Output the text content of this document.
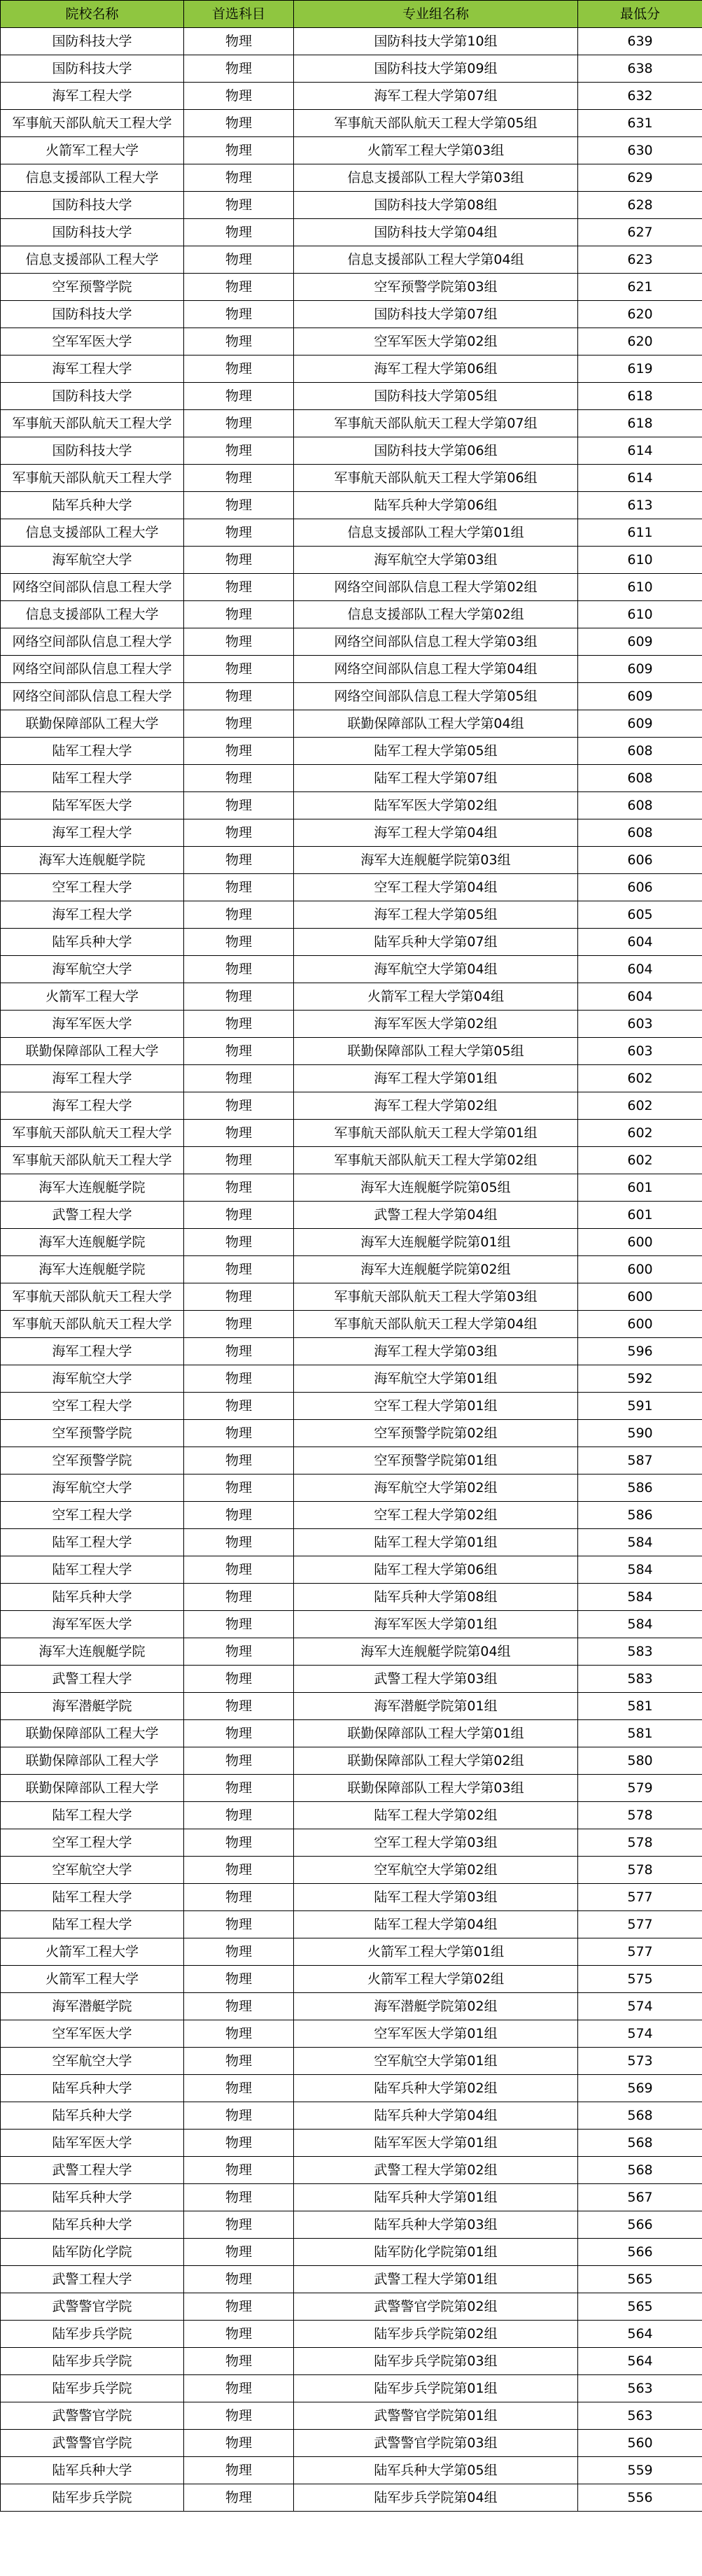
院校名称	首选科目	专业组名称	最低分
国防科技大学	物理	国防科技大学第10组	639
国防科技大学	物理	国防科技大学第09组	638
海军工程大学	物理	海军工程大学第07组	632
军事航天部队航天工程大学	物理	军事航天部队航天工程大学第05组	631
火箭军工程大学	物理	火箭军工程大学第03组	630
信息支援部队工程大学	物理	信息支援部队工程大学第03组	629
国防科技大学	物理	国防科技大学第08组	628
国防科技大学	物理	国防科技大学第04组	627
信息支援部队工程大学	物理	信息支援部队工程大学第04组	623
空军预警学院	物理	空军预警学院第03组	621
国防科技大学	物理	国防科技大学第07组	620
空军军医大学	物理	空军军医大学第02组	620
海军工程大学	物理	海军工程大学第06组	619
国防科技大学	物理	国防科技大学第05组	618
军事航天部队航天工程大学	物理	军事航天部队航天工程大学第07组	618
国防科技大学	物理	国防科技大学第06组	614
军事航天部队航天工程大学	物理	军事航天部队航天工程大学第06组	614
陆军兵种大学	物理	陆军兵种大学第06组	613
信息支援部队工程大学	物理	信息支援部队工程大学第01组	611
海军航空大学	物理	海军航空大学第03组	610
网络空间部队信息工程大学	物理	网络空间部队信息工程大学第02组	610
信息支援部队工程大学	物理	信息支援部队工程大学第02组	610
网络空间部队信息工程大学	物理	网络空间部队信息工程大学第03组	609
网络空间部队信息工程大学	物理	网络空间部队信息工程大学第04组	609
网络空间部队信息工程大学	物理	网络空间部队信息工程大学第05组	609
联勤保障部队工程大学	物理	联勤保障部队工程大学第04组	609
陆军工程大学	物理	陆军工程大学第05组	608
陆军工程大学	物理	陆军工程大学第07组	608
陆军军医大学	物理	陆军军医大学第02组	608
海军工程大学	物理	海军工程大学第04组	608
海军大连舰艇学院	物理	海军大连舰艇学院第03组	606
空军工程大学	物理	空军工程大学第04组	606
海军工程大学	物理	海军工程大学第05组	605
陆军兵种大学	物理	陆军兵种大学第07组	604
海军航空大学	物理	海军航空大学第04组	604
火箭军工程大学	物理	火箭军工程大学第04组	604
海军军医大学	物理	海军军医大学第02组	603
联勤保障部队工程大学	物理	联勤保障部队工程大学第05组	603
海军工程大学	物理	海军工程大学第01组	602
海军工程大学	物理	海军工程大学第02组	602
军事航天部队航天工程大学	物理	军事航天部队航天工程大学第01组	602
军事航天部队航天工程大学	物理	军事航天部队航天工程大学第02组	602
海军大连舰艇学院	物理	海军大连舰艇学院第05组	601
武警工程大学	物理	武警工程大学第04组	601
海军大连舰艇学院	物理	海军大连舰艇学院第01组	600
海军大连舰艇学院	物理	海军大连舰艇学院第02组	600
军事航天部队航天工程大学	物理	军事航天部队航天工程大学第03组	600
军事航天部队航天工程大学	物理	军事航天部队航天工程大学第04组	600
海军工程大学	物理	海军工程大学第03组	596
海军航空大学	物理	海军航空大学第01组	592
空军工程大学	物理	空军工程大学第01组	591
空军预警学院	物理	空军预警学院第02组	590
空军预警学院	物理	空军预警学院第01组	587
海军航空大学	物理	海军航空大学第02组	586
空军工程大学	物理	空军工程大学第02组	586
陆军工程大学	物理	陆军工程大学第01组	584
陆军工程大学	物理	陆军工程大学第06组	584
陆军兵种大学	物理	陆军兵种大学第08组	584
海军军医大学	物理	海军军医大学第01组	584
海军大连舰艇学院	物理	海军大连舰艇学院第04组	583
武警工程大学	物理	武警工程大学第03组	583
海军潜艇学院	物理	海军潜艇学院第01组	581
联勤保障部队工程大学	物理	联勤保障部队工程大学第01组	581
联勤保障部队工程大学	物理	联勤保障部队工程大学第02组	580
联勤保障部队工程大学	物理	联勤保障部队工程大学第03组	579
陆军工程大学	物理	陆军工程大学第02组	578
空军工程大学	物理	空军工程大学第03组	578
空军航空大学	物理	空军航空大学第02组	578
陆军工程大学	物理	陆军工程大学第03组	577
陆军工程大学	物理	陆军工程大学第04组	577
火箭军工程大学	物理	火箭军工程大学第01组	577
火箭军工程大学	物理	火箭军工程大学第02组	575
海军潜艇学院	物理	海军潜艇学院第02组	574
空军军医大学	物理	空军军医大学第01组	574
空军航空大学	物理	空军航空大学第01组	573
陆军兵种大学	物理	陆军兵种大学第02组	569
陆军兵种大学	物理	陆军兵种大学第04组	568
陆军军医大学	物理	陆军军医大学第01组	568
武警工程大学	物理	武警工程大学第02组	568
陆军兵种大学	物理	陆军兵种大学第01组	567
陆军兵种大学	物理	陆军兵种大学第03组	566
陆军防化学院	物理	陆军防化学院第01组	566
武警工程大学	物理	武警工程大学第01组	565
武警警官学院	物理	武警警官学院第02组	565
陆军步兵学院	物理	陆军步兵学院第02组	564
陆军步兵学院	物理	陆军步兵学院第03组	564
陆军步兵学院	物理	陆军步兵学院第01组	563
武警警官学院	物理	武警警官学院第01组	563
武警警官学院	物理	武警警官学院第03组	560
陆军兵种大学	物理	陆军兵种大学第05组	559
陆军步兵学院	物理	陆军步兵学院第04组	556
